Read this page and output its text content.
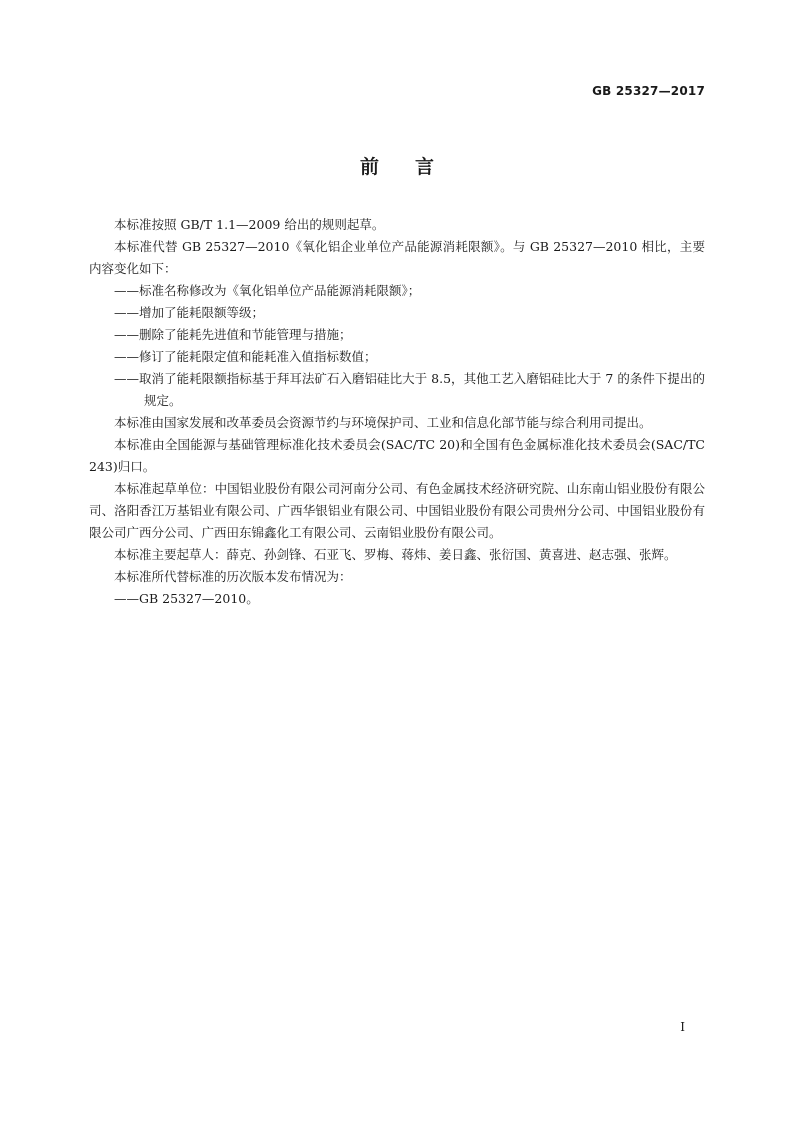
GB 25327—2017
前言

本标准按照 GB/T 1.1—2009 给出的规则起草。

本标准代替 GB 25327—2010《氧化铝企业单位产品能源消耗限额》。与 GB 25327—2010 相比，主要内容变化如下：

——标准名称修改为《氧化铝单位产品能源消耗限额》；

——增加了能耗限额等级；

——删除了能耗先进值和节能管理与措施；

——修订了能耗限定值和能耗准入值指标数值；

——取消了能耗限额指标基于拜耳法矿石入磨铝硅比大于 8.5，其他工艺入磨铝硅比大于 7 的条件下提出的规定。

本标准由国家发展和改革委员会资源节约与环境保护司、工业和信息化部节能与综合利用司提出。

本标准由全国能源与基础管理标准化技术委员会(SAC/TC 20)和全国有色金属标准化技术委员会(SAC/TC 243)归口。

本标准起草单位：中国铝业股份有限公司河南分公司、有色金属技术经济研究院、山东南山铝业股份有限公司、洛阳香江万基铝业有限公司、广西华银铝业有限公司、中国铝业股份有限公司贵州分公司、中国铝业股份有限公司广西分公司、广西田东锦鑫化工有限公司、云南铝业股份有限公司。

本标准主要起草人：薛克、孙剑锋、石亚飞、罗梅、蒋炜、姜日鑫、张衍国、黄喜进、赵志强、张辉。

本标准所代替标准的历次版本发布情况为：

——GB 25327—2010。

I
